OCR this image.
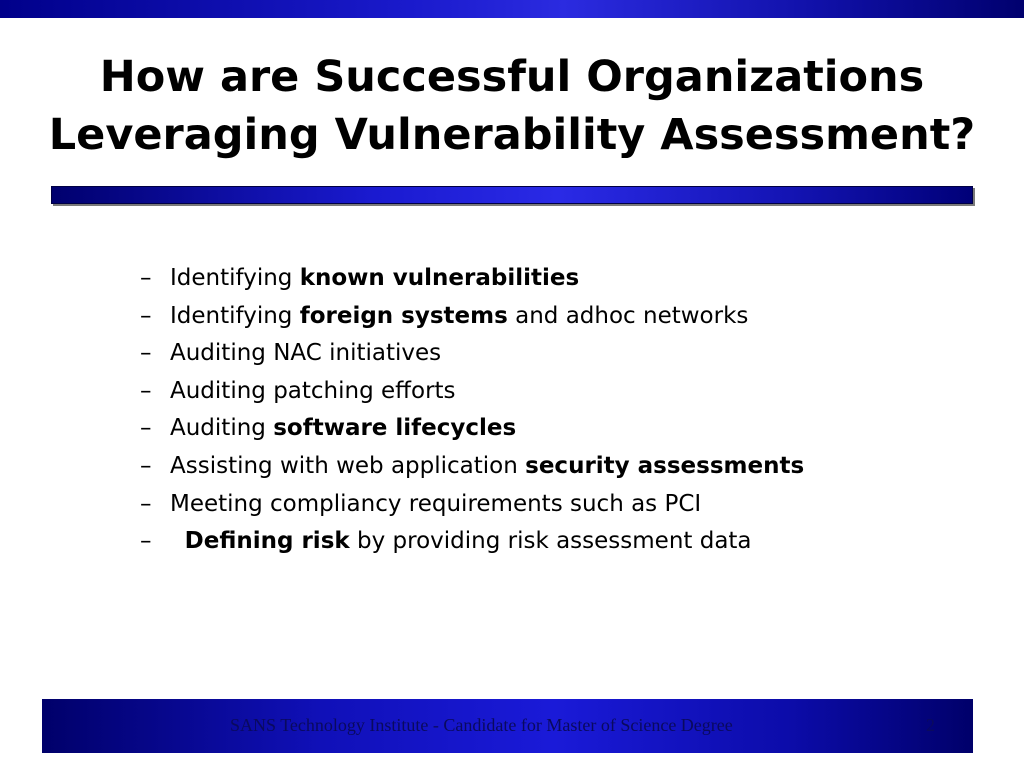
How are Successful Organizations
Leveraging Vulnerability Assessment?
– Identifying known vulnerabilities
– Identifying foreign systems and adhoc networks
– Auditing NAC initiatives
– Auditing patching efforts
– Auditing software lifecycles
– Assisting with web application security assessments
– Meeting compliancy requirements such as PCI
– Defining risk by providing risk assessment data
SANS Technology Institute - Candidate for Master of Science Degree	2
